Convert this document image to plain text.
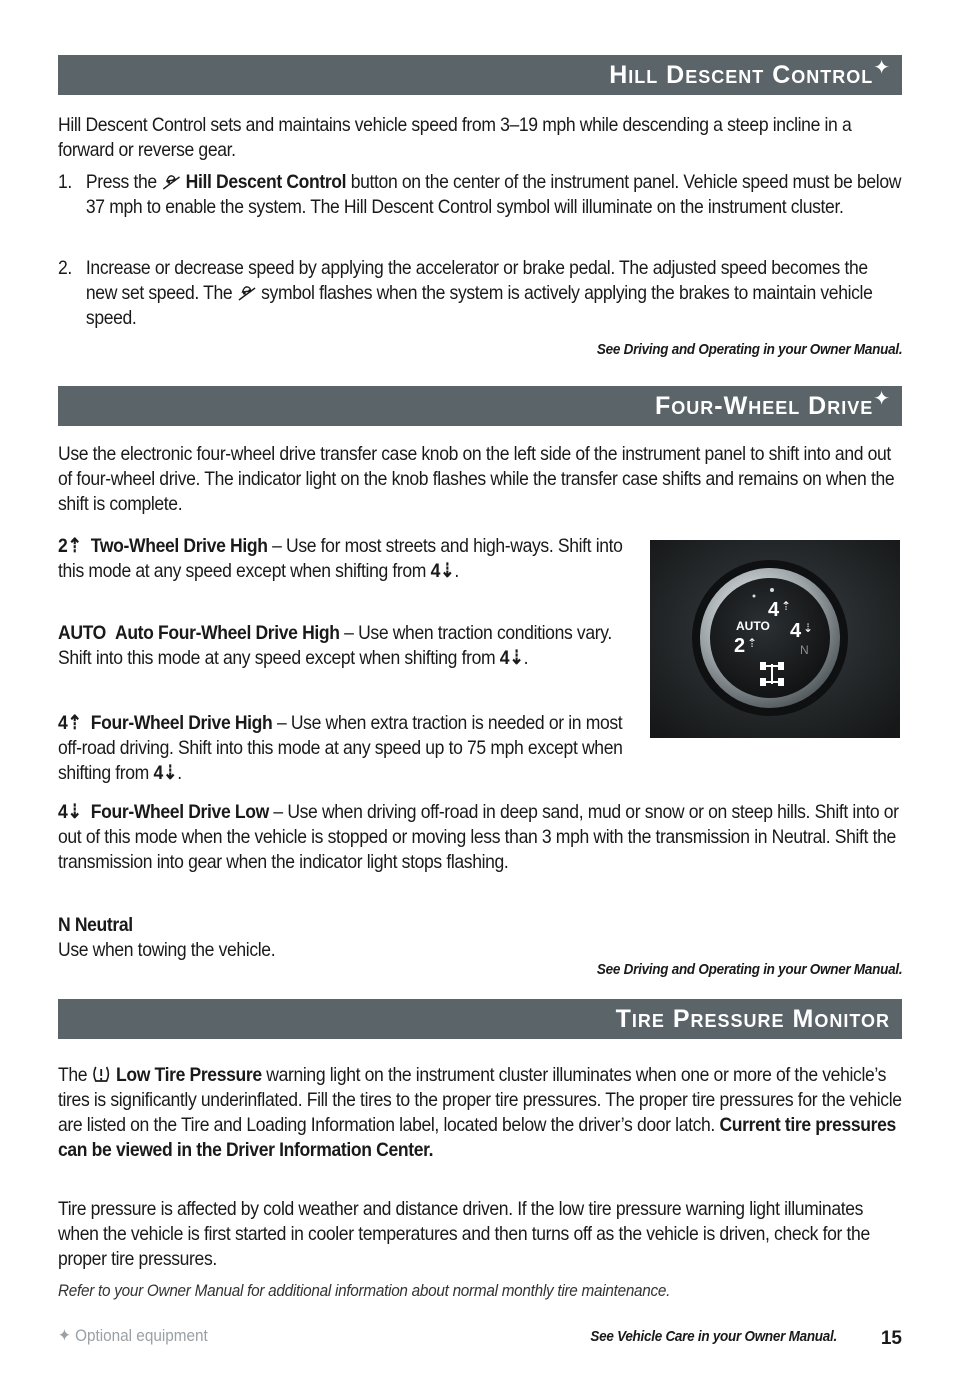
Hill Descent Control✦

Hill Descent Control sets and maintains vehicle speed from 3–19 mph while descending a steep incline in a forward or reverse gear.

1. Press the Hill Descent Control button on the center of the instrument panel. Vehicle speed must be below 37 mph to enable the system. The Hill Descent Control symbol will illuminate on the instrument cluster.
2. Increase or decrease speed by applying the accelerator or brake pedal. The adjusted speed becomes the new set speed. The symbol flashes when the system is actively applying the brakes to maintain vehicle speed.
See Driving and Operating in your Owner Manual.
Four-Wheel Drive✦

Use the electronic four-wheel drive transfer case knob on the left side of the instrument panel to shift into and out of four-wheel drive. The indicator light on the knob flashes while the transfer case shifts and remains on when the shift is complete.

2⇡ Two-Wheel Drive High – Use for most streets and high-ways. Shift into this mode at any speed except when shifting from 4⇣.

AUTO Auto Four-Wheel Drive High – Use when traction conditions vary. Shift into this mode at any speed except when shifting from 4⇣.

4⇡ Four-Wheel Drive High – Use when extra traction is needed or in most off-road driving. Shift into this mode at any speed up to 75 mph except when shifting from 4⇣.

4⇣ Four-Wheel Drive Low – Use when driving off-road in deep sand, mud or snow or on steep hills. Shift into or out of this mode when the vehicle is stopped or moving less than 3 mph with the transmission in Neutral. Shift the transmission into gear when the indicator light stops flashing.

N Neutral

Use when towing the vehicle.

See Driving and Operating in your Owner Manual.
4 ⇡
AUTO 4 ⇣
2 ⇡	N
Tire Pressure Monitor

The Low Tire Pressure warning light on the instrument cluster illuminates when one or more of the vehicle’s tires is significantly underinflated. Fill the tires to the proper tire pressures. The proper tire pressures for the vehicle are listed on the Tire and Loading Information label, located below the driver’s door latch. Current tire pressures can be viewed in the Driver Information Center.

Tire pressure is affected by cold weather and distance driven. If the low tire pressure warning light illuminates when the vehicle is first started in cooler temperatures and then turns off as the vehicle is driven, check for the proper tire pressures.

Refer to your Owner Manual for additional information about normal monthly tire maintenance.
See Vehicle Care in your Owner Manual.
✦ Optional equipment	15
